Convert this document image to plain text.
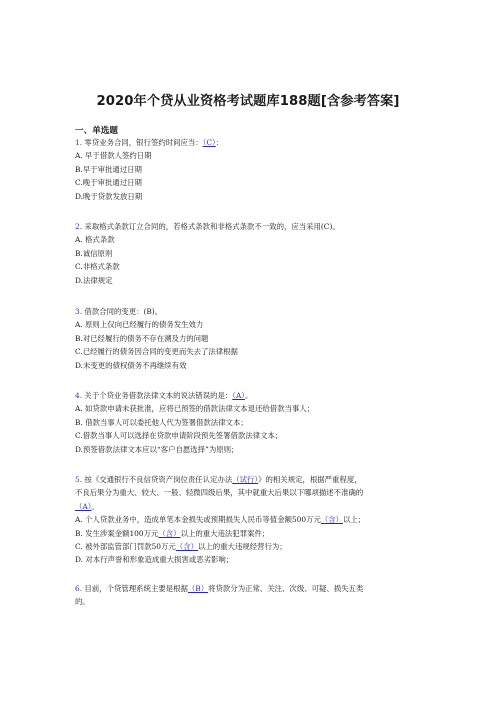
2020年个贷从业资格考试题库188题[含参考答案]
一、单选题
1. 零贷业务合同，银行签约时间应当：（C）：
A. 早于借款人签约日期
B.早于审批通过日期
C.晚于审批通过日期
D.晚于贷款发放日期
2. 采取格式条款订立合同的，若格式条款和非格式条款不一致的，应当采用(C)。
A. 格式条款
B.诚信原则
C.非格式条款
D.法律规定
3. 借款合同的变更：(B)。
A. 原则上仅向已经履行的债务发生效力
B.对已经履行的债务不存在溯及力的问题
C.已经履行的债务因合同的变更而失去了法律根据
D.未变更的债权债务不再继续有效
4. 关于个贷业务借款法律文本的说法错误的是：（A）。
A. 如贷款申请未获批准，应将已预签的借款法律文本退还给借款当事人；
B. 借款当事人可以委托他人代为签署借款法律文本；
C.借款当事人可以选择在贷款申请阶段预先签署借款法律文本；
D.预签借款法律文本应以“客户自愿选择”为原则；
5. 按《交通银行不良信贷资产岗位责任认定办法（试行）》的相关规定，根据严重程度，
不良后果分为重大、较大、一般、轻微四级后果，其中就重大后果以下哪项描述不准确的
（A）。
A. 个人贷款业务中，造成单笔本金损失或预期损失人民币等值金额500万元（含）以上；
B. 发生涉案金额100万元（含）以上的重大违法犯罪案件；
C. 被外部监管部门罚款50万元（含）以上的重大违规经营行为；
D. 对本行声誉和形象造成重大损害或恶劣影响；
6. 目前，个贷管理系统主要是根据（B）将贷款分为正常、关注、次级、可疑、损失五类
的。
